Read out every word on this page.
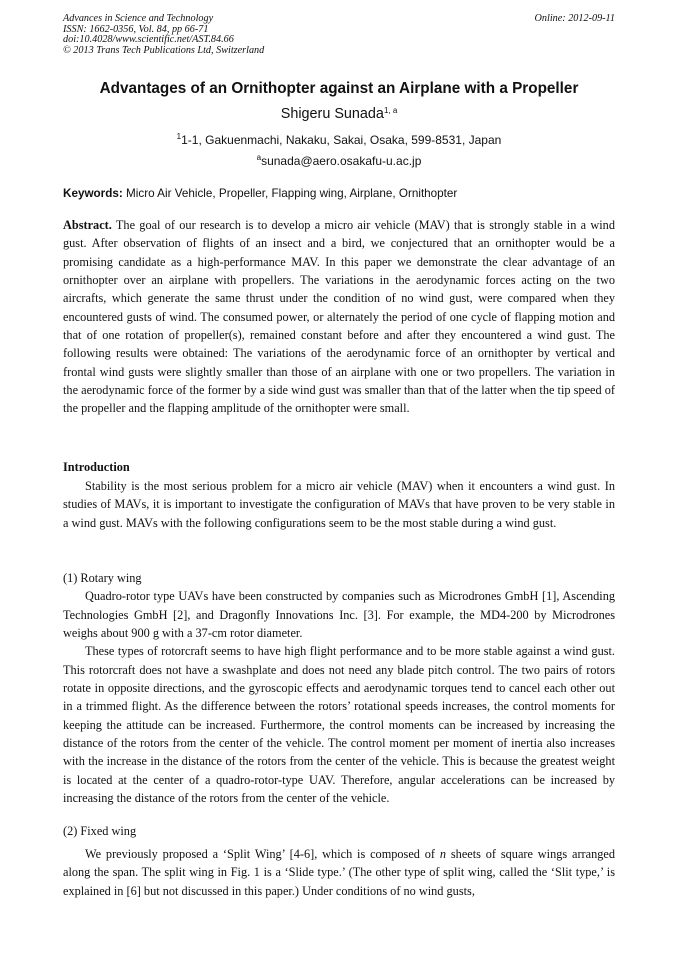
Advances in Science and Technology
ISSN: 1662-0356, Vol. 84, pp 66-71
doi:10.4028/www.scientific.net/AST.84.66
© 2013 Trans Tech Publications Ltd, Switzerland
Online: 2012-09-11
Advantages of an Ornithopter against an Airplane with a Propeller
Shigeru Sunada$^{1, a}$
$^1$1-1, Gakuenmachi, Nakaku, Sakai, Osaka, 599-8531, Japan
$^a$sunada@aero.osakafu-u.ac.jp
Keywords: Micro Air Vehicle, Propeller, Flapping wing, Airplane, Ornithopter

Abstract. The goal of our research is to develop a micro air vehicle (MAV) that is strongly stable in a wind gust. After observation of flights of an insect and a bird, we conjectured that an ornithopter would be a promising candidate as a high-performance MAV. In this paper we demonstrate the clear advantage of an ornithopter over an airplane with propellers. The variations in the aerodynamic forces acting on the two aircrafts, which generate the same thrust under the condition of no wind gust, were compared when they encountered gusts of wind. The consumed power, or alternately the period of one cycle of flapping motion and that of one rotation of propeller(s), remained constant before and after they encountered a wind gust. The following results were obtained: The variations of the aerodynamic force of an ornithopter by vertical and frontal wind gusts were slightly smaller than those of an airplane with one or two propellers. The variation in the aerodynamic force of the former by a side wind gust was smaller than that of the latter when the tip speed of the propeller and the flapping amplitude of the ornithopter were small.

Introduction

Stability is the most serious problem for a micro air vehicle (MAV) when it encounters a wind gust. In studies of MAVs, it is important to investigate the configuration of MAVs that have proven to be very stable in a wind gust. MAVs with the following configurations seem to be the most stable during a wind gust.

(1) Rotary wing

Quadro-rotor type UAVs have been constructed by companies such as Microdrones GmbH [1], Ascending Technologies GmbH [2], and Dragonfly Innovations Inc. [3]. For example, the MD4-200 by Microdrones weighs about 900 g with a 37-cm rotor diameter.

These types of rotorcraft seems to have high flight performance and to be more stable against a wind gust. This rotorcraft does not have a swashplate and does not need any blade pitch control. The two pairs of rotors rotate in opposite directions, and the gyroscopic effects and aerodynamic torques tend to cancel each other out in a trimmed flight. As the difference between the rotors’ rotational speeds increases, the control moments for keeping the attitude can be increased. Furthermore, the control moments can be increased by increasing the distance of the rotors from the center of the vehicle. The control moment per moment of inertia also increases with the increase in the distance of the rotors from the center of the vehicle. This is because the greatest weight is located at the center of a quadro-rotor-type UAV. Therefore, angular accelerations can be increased by increasing the distance of the rotors from the center of the vehicle.

(2) Fixed wing

We previously proposed a ‘Split Wing’ [4-6], which is composed of n sheets of square wings arranged along the span. The split wing in Fig. 1 is a ‘Slide type.’ (The other type of split wing, called the ‘Slit type,’ is explained in [6] but not discussed in this paper.) Under conditions of no wind gusts,
